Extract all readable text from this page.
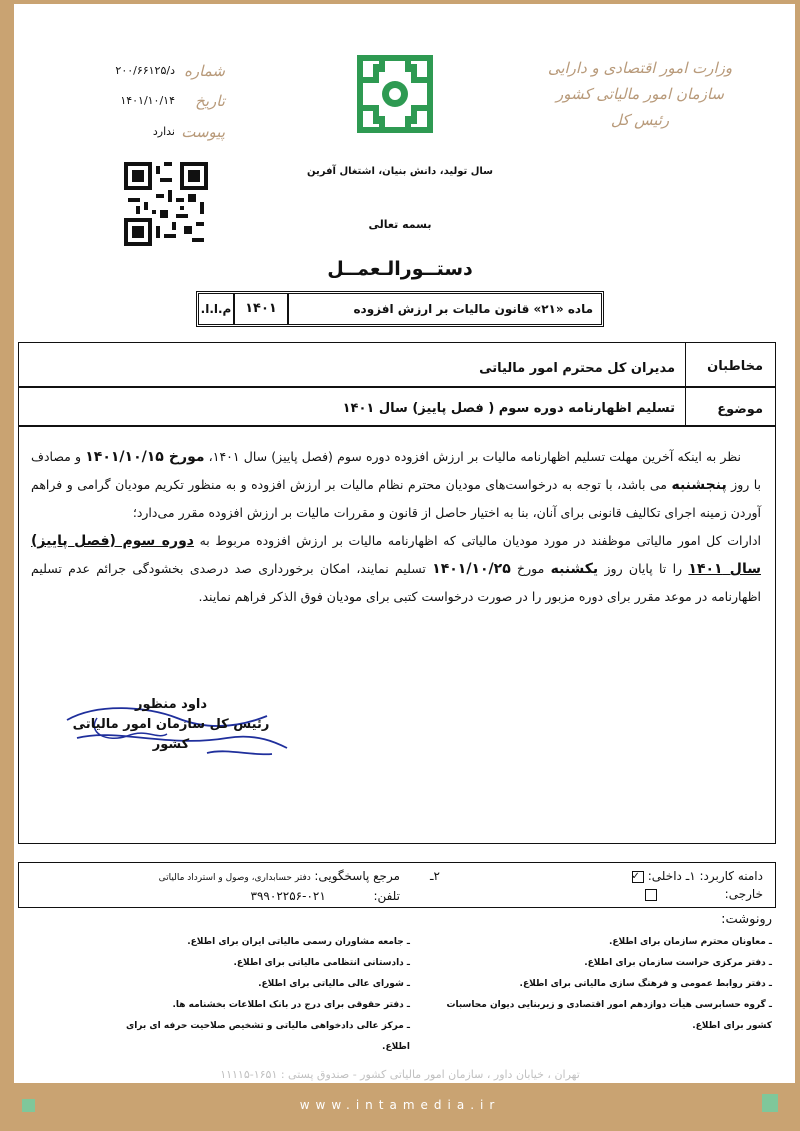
وزارت امور اقتصادی و دارایی
سازمان امور مالیاتی کشور
رئیس کل
شماره
د/۲۰۰/۶۶۱۲۵
تاریخ
۱۴۰۱/۱۰/۱۴
پیوست
ندارد
سال تولید، دانش بنیان، اشتغال آفرین
بسمه تعالی
دستــورالـعمــل
ماده «۲۱» قانون مالیات بر ارزش افزوده
۱۴۰۱
م.ا.ا.
مخاطبان
مدیران کل محترم امور مالیاتی
موضوع
تسلیم اظهارنامه دوره سوم ( فصل پاییز) سال ۱۴۰۱

نظر به اینکه آخرین مهلت تسلیم اظهارنامه مالیات بر ارزش افزوده دوره سوم (فصل پاییز) سال ۱۴۰۱، مورخ ۱۴۰۱/۱۰/۱۵ و مصادف با روز پنجشنبه می باشد، با توجه به درخواست‌های مودیان محترم نظام مالیات بر ارزش افزوده و به منظور تکریم مودیان گرامی و فراهم آوردن زمینه اجرای تکالیف قانونی برای آنان، بنا به اختیار حاصل از قانون و مقررات مالیات بر ارزش افزوده مقرر می‌دارد؛

ادارات کل امور مالیاتی موظفند در مورد مودیان مالیاتی که اظهارنامه مالیات بر ارزش افزوده مربوط به دوره سوم (فصل پاییز) سال ۱۴۰۱ را تا پایان روز یکشنبه مورخ ۱۴۰۱/۱۰/۲۵ تسلیم نمایند، امکان برخورداری صد درصدی بخشودگی جرائم عدم تسلیم اظهارنامه در موعد مقرر برای دوره مزبور را در صورت درخواست کتبی برای مودیان فوق الذکر فراهم نمایند.

داود منظور
رئیس کل سازمان امور مالیاتی کشور
دامنه کاربرد: ۱ـ داخلی: ✓
خارجی:
۲ـ
مرجع پاسخگویی: دفتر حسابداری، وصول و استرداد مالیاتی
تلفن:  ۰۲۱-۳۹۹۰۲۲۵۶
رونوشت:
ـ معاونان محترم سازمان برای اطلاع.
ـ دفتر مرکزی حراست سازمان برای اطلاع.
ـ دفتر روابط عمومی و فرهنگ سازی مالیاتی برای اطلاع.
ـ گروه حسابرسی هیأت دوازدهم امور اقتصادی و زیربنایی دیوان محاسبات
کشور برای اطلاع.
ـ جامعه مشاوران رسمی مالیاتی ایران برای اطلاع.
ـ دادستانی انتظامی مالیاتی برای اطلاع.
ـ شورای عالی مالیاتی برای اطلاع.
ـ دفتر حقوقی برای درج در بانک اطلاعات بخشنامه ها.
ـ مرکز عالی دادخواهی مالیاتی و تشخیص صلاحیت حرفه ای برای اطلاع.
تهران ، خیابان داور ، سازمان امور مالیاتی کشور - صندوق پستی : ۱۶۵۱-۱۱۱۱۵
www.intamedia.ir
